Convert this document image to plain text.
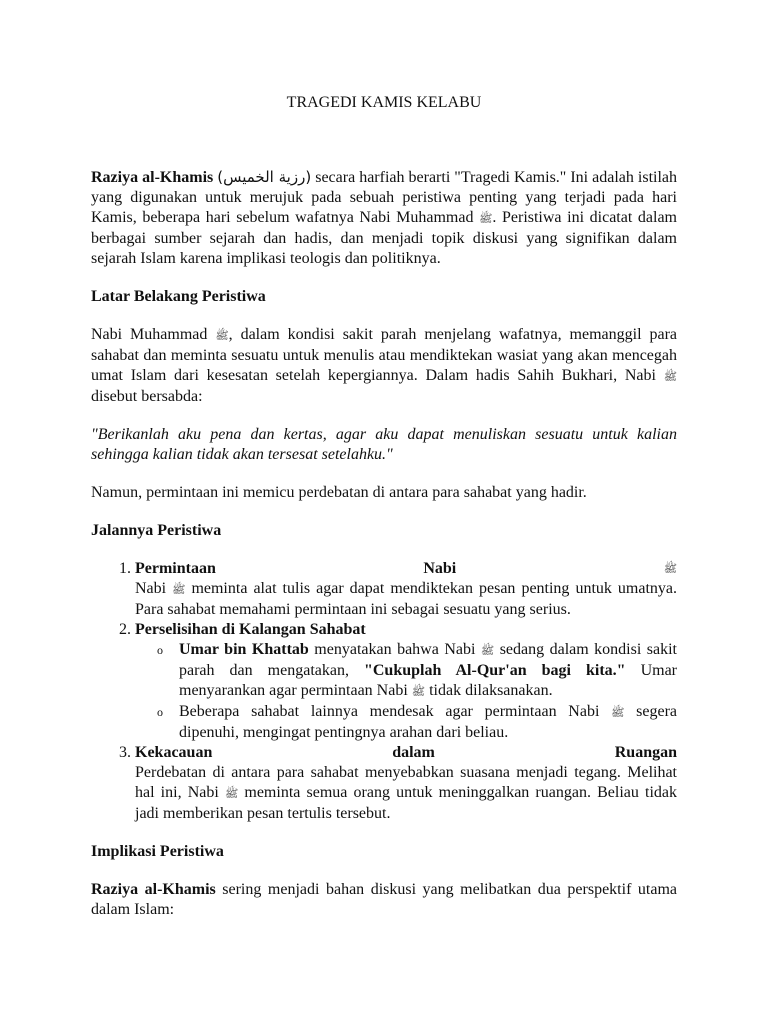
TRAGEDI KAMIS KELABU

Raziya al-Khamis (رزية الخميس) secara harfiah berarti "Tragedi Kamis." Ini adalah istilah yang digunakan untuk merujuk pada sebuah peristiwa penting yang terjadi pada hari Kamis, beberapa hari sebelum wafatnya Nabi Muhammad ﷺ. Peristiwa ini dicatat dalam berbagai sumber sejarah dan hadis, dan menjadi topik diskusi yang signifikan dalam sejarah Islam karena implikasi teologis dan politiknya.

Latar Belakang Peristiwa

Nabi Muhammad ﷺ, dalam kondisi sakit parah menjelang wafatnya, memanggil para sahabat dan meminta sesuatu untuk menulis atau mendiktekan wasiat yang akan mencegah umat Islam dari kesesatan setelah kepergiannya. Dalam hadis Sahih Bukhari, Nabi ﷺ disebut bersabda:

"Berikanlah aku pena dan kertas, agar aku dapat menuliskan sesuatu untuk kalian sehingga kalian tidak akan tersesat setelahku."

Namun, permintaan ini memicu perdebatan di antara para sahabat yang hadir.

Jalannya Peristiwa
1. Permintaan	Nabi	ﷺ
Nabi ﷺ meminta alat tulis agar dapat mendiktekan pesan penting untuk umatnya. Para sahabat memahami permintaan ini sebagai sesuatu yang serius.
2. Perselisihan di Kalangan Sahabat
o Umar bin Khattab menyatakan bahwa Nabi ﷺ sedang dalam kondisi sakit parah dan mengatakan, "Cukuplah Al-Qur'an bagi kita." Umar menyarankan agar permintaan Nabi ﷺ tidak dilaksanakan.
o Beberapa sahabat lainnya mendesak agar permintaan Nabi ﷺ segera dipenuhi, mengingat pentingnya arahan dari beliau.
3. Kekacauan	dalam	Ruangan
Perdebatan di antara para sahabat menyebabkan suasana menjadi tegang. Melihat hal ini, Nabi ﷺ meminta semua orang untuk meninggalkan ruangan. Beliau tidak jadi memberikan pesan tertulis tersebut.
Implikasi Peristiwa

Raziya al-Khamis sering menjadi bahan diskusi yang melibatkan dua perspektif utama dalam Islam:
